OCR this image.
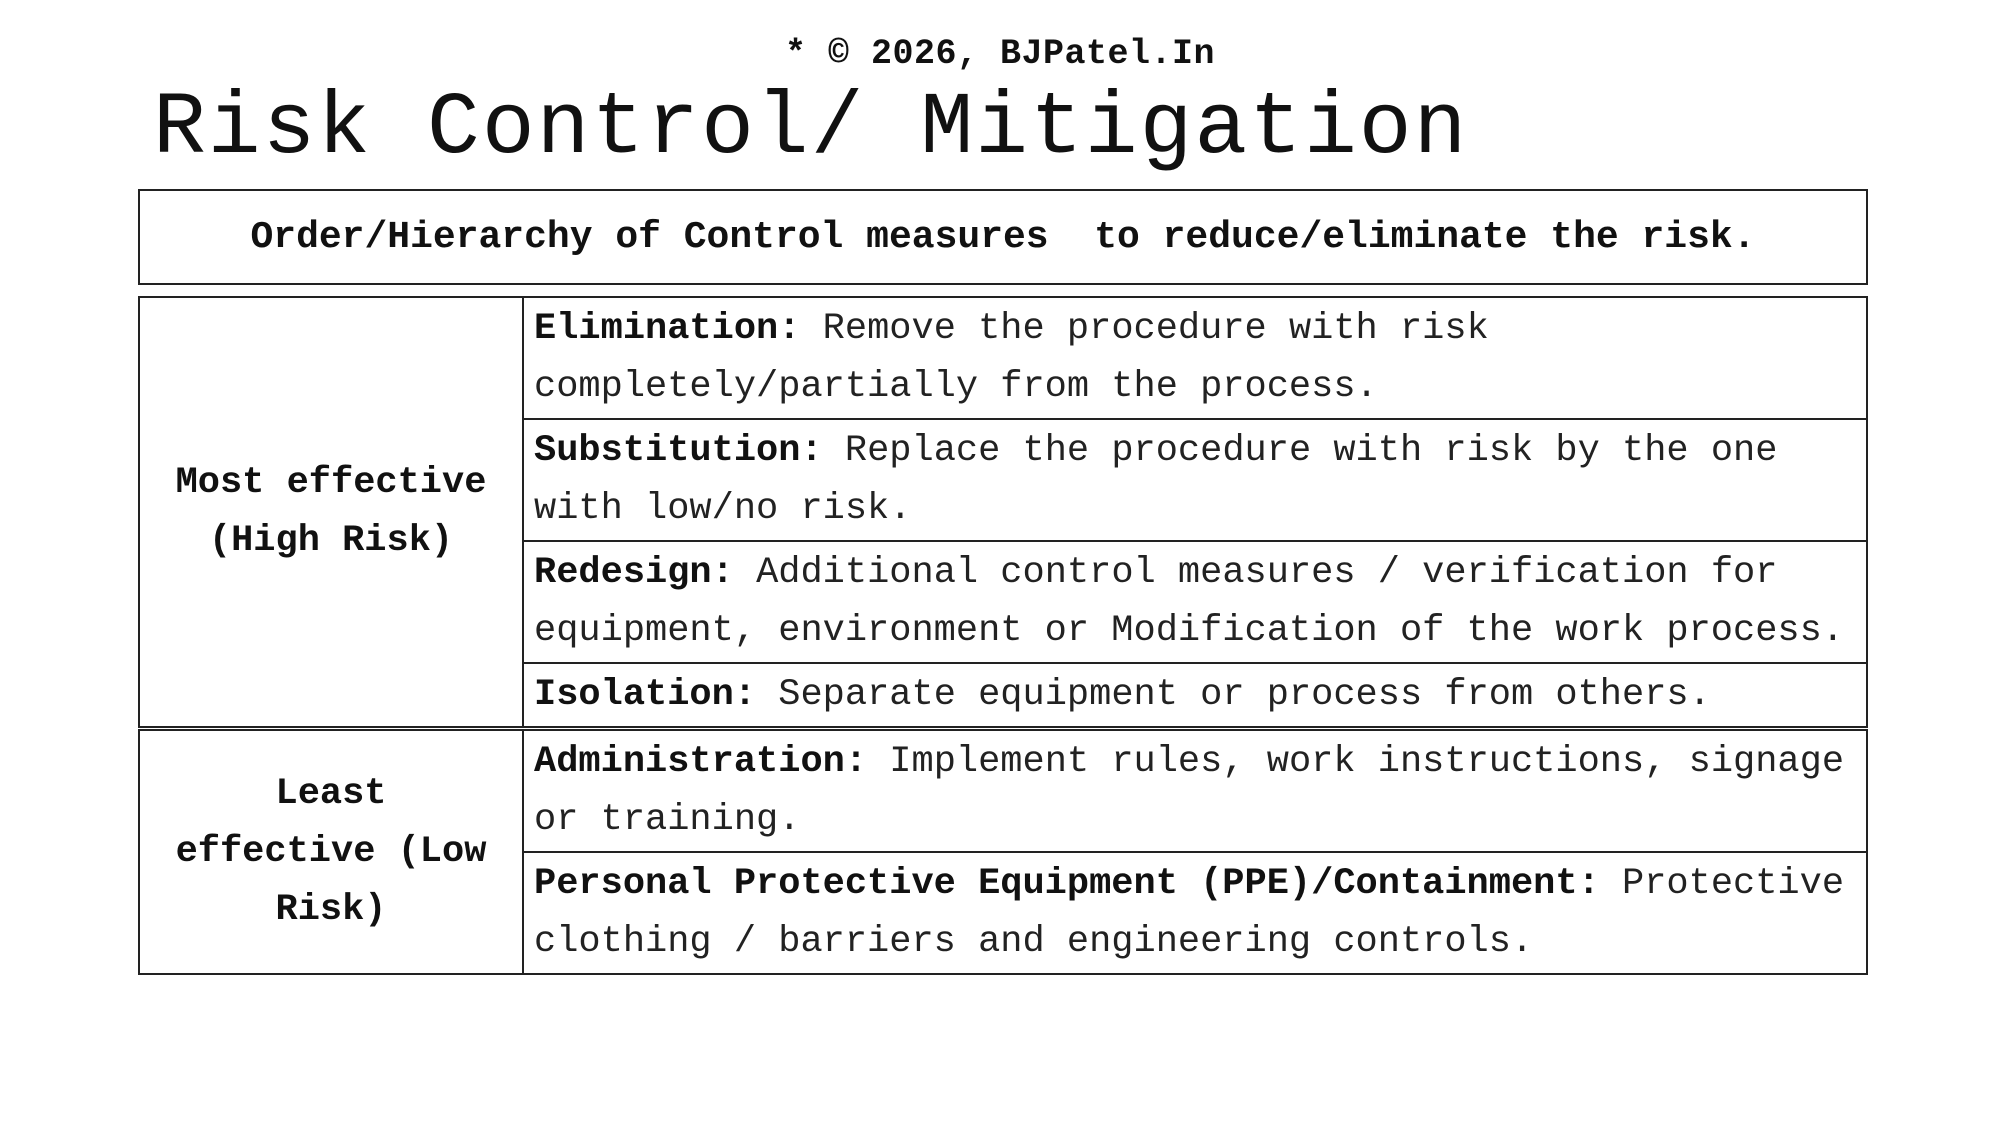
* © 2026, BJPatel.In
Risk Control/ Mitigation
Order/Hierarchy of Control measures  to reduce/eliminate the risk.
Most effective
(High Risk)	Elimination: Remove the procedure with risk completely/partially from the process.
	Substitution: Replace the procedure with risk by the one with low/no risk.
	Redesign: Additional control measures / verification for equipment, environment or Modification of the work process.
	Isolation: Separate equipment or process from others.

Least
effective (Low
Risk)	Administration: Implement rules, work instructions, signage or training.
	Personal Protective Equipment (PPE)/Containment: Protective clothing / barriers and engineering controls.
